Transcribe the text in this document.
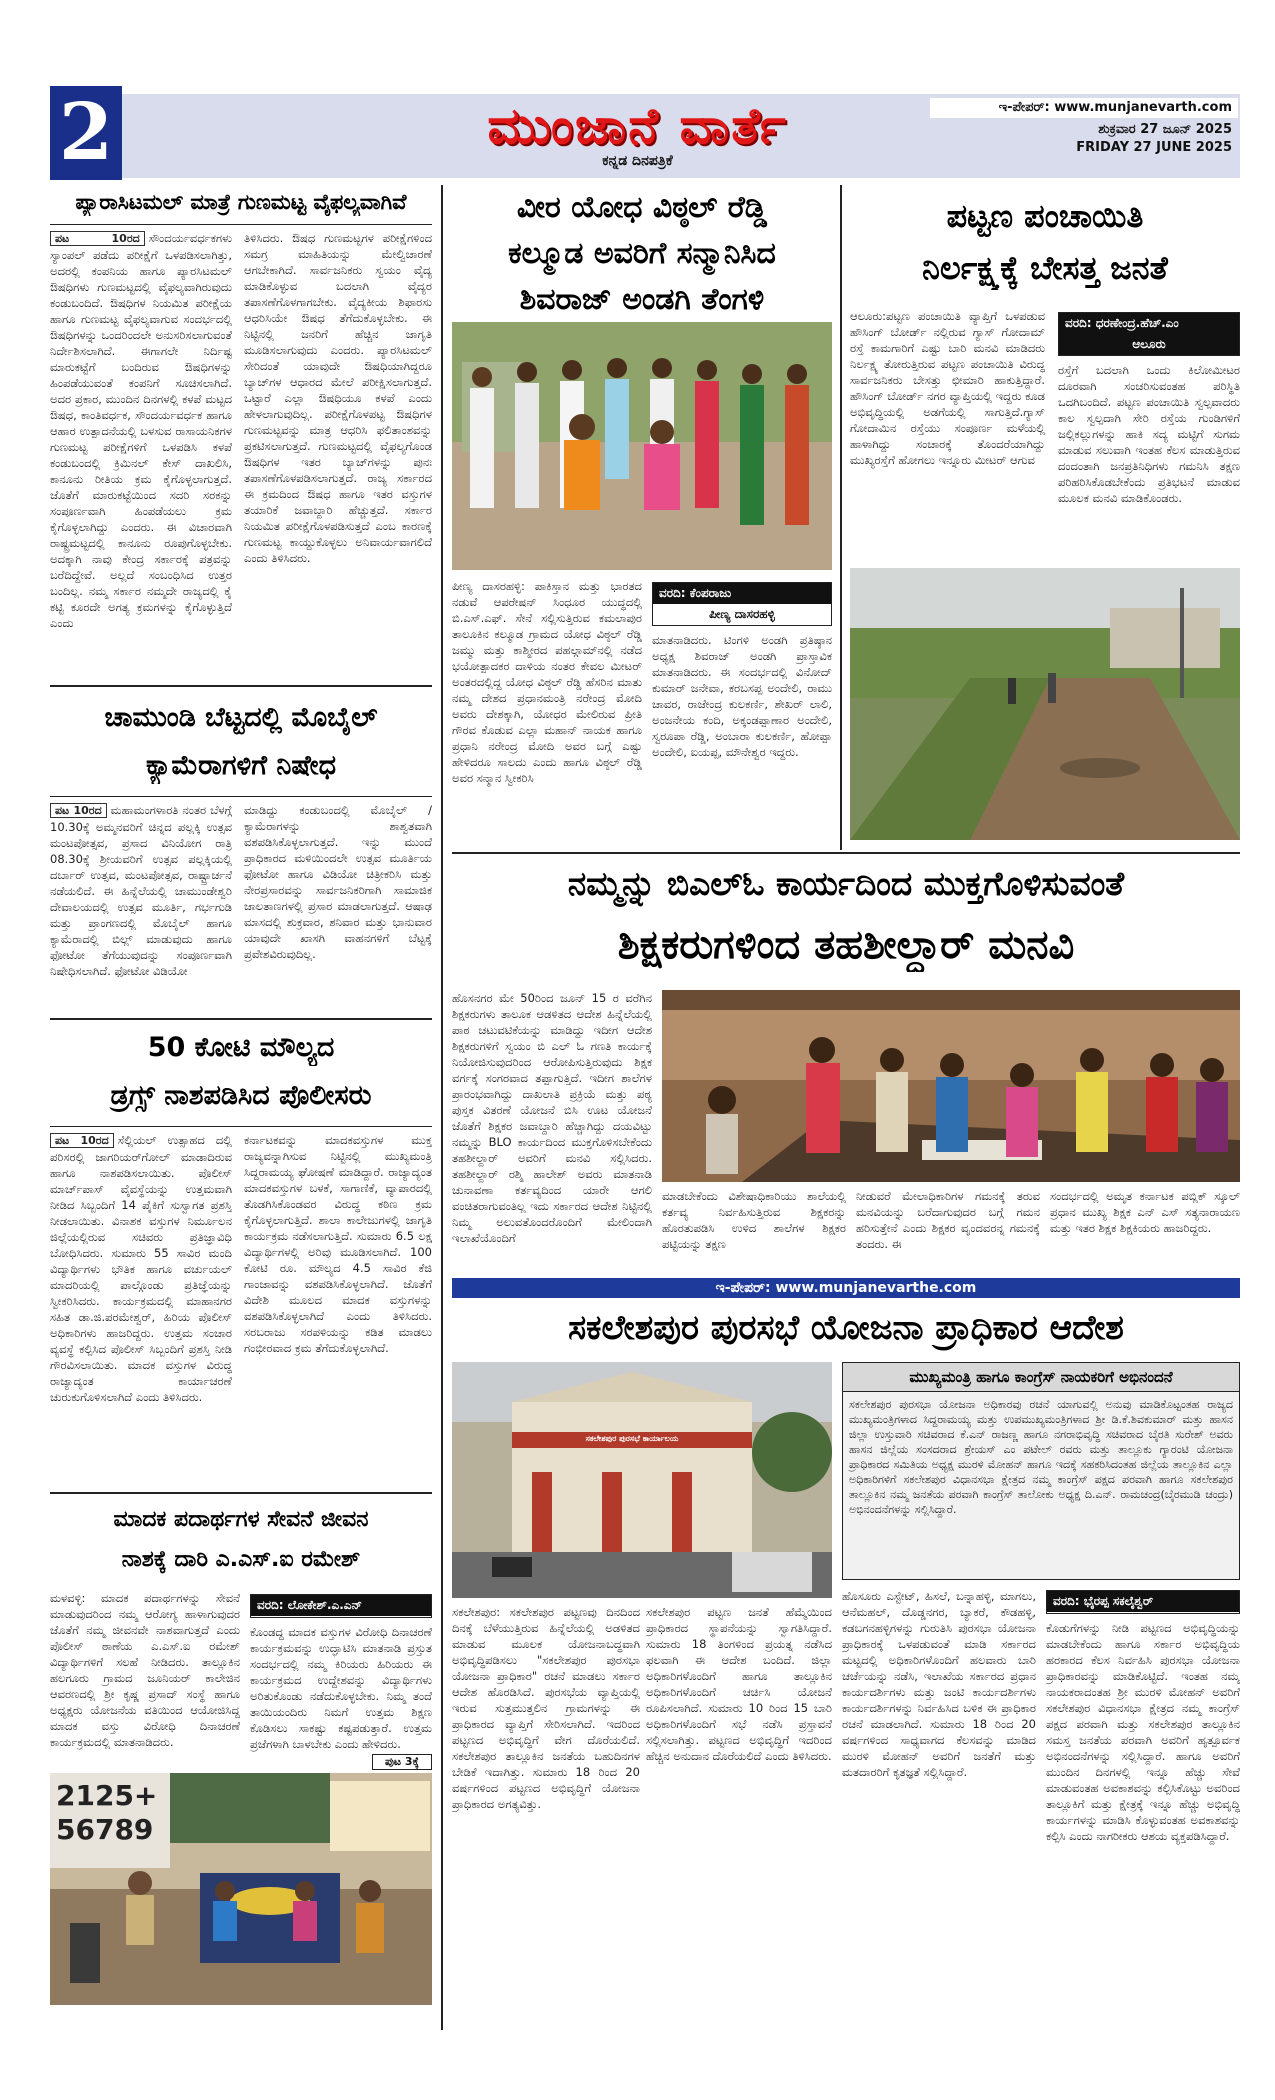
2	ಮುಂಜಾನೆ ವಾರ್ತೆ
ಕನ್ನಡ ದಿನಪತ್ರಿಕೆ
ಇ-ಪೇಪರ್: www.munjanevarth.com
ಶುಕ್ರವಾರ 27 ಜೂನ್ 2025
FRIDAY 27 JUNE 2025
ಪ್ಯಾರಾಸಿಟಮಲ್ ಮಾತ್ರೆ ಗುಣಮಟ್ಟ ವೈಫಲ್ಯವಾಗಿವೆ
ಪಟ 10ರದ ಸೌಂದರ್ಯವರ್ಧಕಗಳು ಸ್ಯಾಂಪಲ್ ಪಡೆದು ಪರೀಕ್ಷೆಗೆ ಒಳಪಡಿಸಲಾಗಿತ್ತು, ಅದರಲ್ಲಿ ಕಂಪನಿಯ ಹಾಗೂ ಪ್ಯಾರಸಿಟಮಲ್ ಔಷಧಿಗಳು ಗುಣಮಟ್ಟದಲ್ಲಿ ವೈಫಲ್ಯವಾಗಿರುವುದು ಕಂಡುಬಂದಿದೆ. ಔಷಧಿಗಳ ನಿಯಮಿತ ಪರೀಕ್ಷೆಯ ಹಾಗೂ ಗುಣಮಟ್ಟ ವೈಫಲ್ಯವಾಗುವ ಸಂದರ್ಭದಲ್ಲಿ ಔಷಧಿಗಳನ್ನು ಒಂದರಿಂದಲೇ ಅನುಸರಿಸಲಾಗುವಂತೆ ನಿರ್ದೇಶಿಸಲಾಗಿದೆ. ಈಗಾಗಲೇ ನಿರ್ದಿಷ್ಟ ಮಾರುಕಟ್ಟೆಗೆ ಬಂದಿರುವ ಔಷಧಿಗಳನ್ನು ಹಿಂಪಡೆಯುವಂತೆ ಕಂಪನಿಗೆ ಸೂಚಿಸಲಾಗಿದೆ. ಅದರ ಪ್ರಕಾರ, ಮುಂದಿನ ದಿನಗಳಲ್ಲಿ ಕಳಪೆ ಮಟ್ಟದ ಔಷಧ, ಕಾಂತಿವರ್ಧಕ, ಸೌಂದರ್ಯವರ್ಧಕ ಹಾಗೂ ಆಹಾರ ಉತ್ಪಾದನೆಯಲ್ಲಿ ಬಳಸುವ ರಾಸಾಯನಿಕಗಳ ಗುಣಮಟ್ಟ ಪರೀಕ್ಷೆಗಳಿಗೆ ಒಳಪಡಿಸಿ ಕಳಪೆ ಕಂಡುಬಂದಲ್ಲಿ ಕ್ರಿಮಿನಲ್ ಕೇಸ್ ದಾಖಲಿಸಿ, ಕಾನೂನು ರೀತಿಯ ಕ್ರಮ ಕೈಗೊಳ್ಳಲಾಗುತ್ತದೆ. ಜೊತೆಗೆ ಮಾರುಕಟ್ಟೆಯಿಂದ ಸದರಿ ಸರಕನ್ನು ಸಂಪೂರ್ಣವಾಗಿ ಹಿಂಪಡೆಯಲು ಕ್ರಮ ಕೈಗೊಳ್ಳಲಾಗಿದ್ದು ಎಂದರು. ಈ ವಿಚಾರವಾಗಿ ರಾಷ್ಟ್ರಮಟ್ಟದಲ್ಲಿ ಕಾನೂನು ರೂಪುಗೊಳ್ಳಬೇಕು. ಅದಕ್ಕಾಗಿ ನಾವು ಕೇಂದ್ರ ಸರ್ಕಾರಕ್ಕೆ ಪತ್ರವನ್ನು ಬರೆದಿದ್ದೇವೆ. ಅಲ್ಲದೆ ಸಂಬಂಧಿಸಿದ ಉತ್ತರ ಬಂದಿಲ್ಲ. ನಮ್ಮ ಸರ್ಕಾರ ನಮ್ಮದೇ ರಾಜ್ಯದಲ್ಲಿ ಕೈ ಕಟ್ಟಿ ಕೂರದೇ ಅಗತ್ಯ ಕ್ರಮಗಳನ್ನು ಕೈಗೊಳ್ಳುತ್ತಿದೆ ಎಂದು
ತಿಳಿಸಿದರು. ಔಷಧ ಗುಣಮಟ್ಟಗಳ ಪರೀಕ್ಷೆಗಳಿಂದ ಸಮಗ್ರ ಮಾಹಿತಿಯನ್ನು ಮೇಲ್ವಿಚಾರಣೆ ಆಗಬೇಕಾಗಿದೆ. ಸಾರ್ವಜನಿಕರು ಸ್ವಯಂ ವೈದ್ಯ ಮಾಡಿಕೊಳ್ಳುವ ಬದಲಾಗಿ ವೈದ್ಯರ ತಪಾಸಣೆಗೊಳಗಾಗಬೇಕು. ವೈದ್ಯಕೀಯ ಶಿಫಾರಸು ಆಧರಿಸಿಯೇ ಔಷಧ ತೆಗೆದುಕೊಳ್ಳಬೇಕು. ಈ ನಿಟ್ಟಿನಲ್ಲಿ ಜನರಿಗೆ ಹೆಚ್ಚಿನ ಜಾಗೃತಿ ಮೂಡಿಸಲಾಗುವುದು ಎಂದರು. ಪ್ಯಾರಸಿಟಮಲ್ ಸೇರಿದಂತೆ ಯಾವುದೇ ಔಷಧಿಯಾಗಿದ್ದರೂ ಬ್ಯಾಚ್‌ಗಳ ಆಧಾರದ ಮೇಲೆ ಪರೀಕ್ಷಿಸಲಾಗುತ್ತದೆ. ಒಟ್ಟಾರೆ ಎಲ್ಲಾ ಔಷಧಿಯೂ ಕಳಪೆ ಎಂದು ಹೇಳಲಾಗುವುದಿಲ್ಲ. ಪರೀಕ್ಷೆಗೊಳಪಟ್ಟ ಔಷಧಿಗಳ ಗುಣಮಟ್ಟವನ್ನು ಮಾತ್ರ ಆಧರಿಸಿ ಫಲಿತಾಂಶವನ್ನು ಪ್ರಕಟಿಸಲಾಗುತ್ತದೆ. ಗುಣಮಟ್ಟದಲ್ಲಿ ವೈಫಲ್ಯಗೊಂಡ ಔಷಧಿಗಳ ಇತರ ಬ್ಯಾಚ್‌ಗಳನ್ನು ಪುನಃ ತಪಾಸಣೆಗೊಳಪಡಿಸಲಾಗುತ್ತದೆ. ರಾಜ್ಯ ಸರ್ಕಾರದ ಈ ಕ್ರಮದಿಂದ ಔಷಧ ಹಾಗೂ ಇತರ ವಸ್ತುಗಳ ತಯಾರಿಕೆ ಜವಾಬ್ದಾರಿ ಹೆಚ್ಚುತ್ತದೆ. ಸರ್ಕಾರ ನಿಯಮಿತ ಪರೀಕ್ಷೆಗೊಳಪಡಿಸುತ್ತದೆ ಎಂಬ ಕಾರಣಕ್ಕೆ ಗುಣಮಟ್ಟ ಕಾಯ್ದುಕೊಳ್ಳಲು ಅನಿವಾರ್ಯವಾಗಲಿದೆ ಎಂದು ತಿಳಿಸಿದರು.
ಚಾಮುಂಡಿ ಬೆಟ್ಟದಲ್ಲಿ ಮೊಬೈಲ್
ಕ್ಯಾಮೆರಾಗಳಿಗೆ ನಿಷೇಧ
ಪಟ 10ರದ ಮಹಾಮಂಗಳಾರತಿ ನಂತರ ಬೆಳಗ್ಗೆ 10.30ಕ್ಕೆ ಅಮ್ಮನವರಿಗೆ ಚಿನ್ನದ ಪಲ್ಲಕ್ಕಿ ಉತ್ಸವ ಮಂಟಪೋತ್ಸವ, ಪ್ರಸಾದ ವಿನಿಯೋಗ ರಾತ್ರಿ 08.30ಕ್ಕೆ ಶ್ರೀಯವರಿಗೆ ಉತ್ಸವ ಪಲ್ಲಕ್ಕಿಯಲ್ಲಿ ದರ್ಬಾರ್ ಉತ್ಸವ, ಮಂಟಪೋತ್ಸವ, ರಾಷ್ಟ್ರಾರ್ಚನೆ ನಡೆಯಲಿದೆ. ಈ ಹಿನ್ನೆಲೆಯಲ್ಲಿ ಚಾಮುಂಡೇಶ್ವರಿ ದೇವಾಲಯದಲ್ಲಿ ಉತ್ಸವ ಮೂರ್ತಿ, ಗರ್ಭಗುಡಿ ಮತ್ತು ಪ್ರಾಂಗಣದಲ್ಲಿ ಮೊಬೈಲ್ ಹಾಗೂ ಕ್ಯಾಮೆರಾದಲ್ಲಿ ಬಿಲ್ಲ್ ಮಾಡುವುದು ಹಾಗೂ ಫೋಟೋ ತೆಗೆಯುವುದನ್ನು ಸಂಪೂರ್ಣವಾಗಿ ನಿಷೇಧಿಸಲಾಗಿದೆ. ಫೋಟೋ ವಿಡಿಯೋ
ಮಾಡಿದ್ದು ಕಂಡುಬಂದಲ್ಲಿ ಮೊಬೈಲ್ / ಕ್ಯಾಮೆರಾಗಳನ್ನು ಶಾಶ್ವತವಾಗಿ ವಶಪಡಿಸಿಕೊಳ್ಳಲಾಗುತ್ತದೆ. ಇನ್ನು ಮುಂದೆ ಪ್ರಾಧಿಕಾರದ ಮಳಿಯಿಂದಲೇ ಉತ್ಸವ ಮೂರ್ತಿಯ ಫೋಟೋ ಹಾಗೂ ವಿಡಿಯೋ ಚಿತ್ರೀಕರಿಸಿ ಮತ್ತು ನೇರಪ್ರಸಾರವನ್ನು ಸಾರ್ವಜನಿಕರಿಗಾಗಿ ಸಾಮಾಜಿಕ ಜಾಲತಾಣಗಳಲ್ಲಿ ಪ್ರಸಾರ ಮಾಡಲಾಗುತ್ತದೆ. ಆಷಾಢ ಮಾಸದಲ್ಲಿ ಶುಕ್ರವಾರ, ಶನಿವಾರ ಮತ್ತು ಭಾನುವಾರ ಯಾವುದೇ ಖಾಸಗಿ ವಾಹನಗಳಿಗೆ ಬೆಟ್ಟಕ್ಕೆ ಪ್ರವೇಶವಿರುವುದಿಲ್ಲ.
50 ಕೋಟಿ ಮೌಲ್ಯದ
ಡ್ರಗ್ಸ್ ನಾಶಪಡಿಸಿದ ಪೊಲೀಸರು
ಪಟ 10ರದ ಸೆಲ್ಲಿಯಲ್ ಉತ್ಸಾಹದ ದಲ್ಲಿ ಪರಿಸರಲ್ಲಿ ಜಾಗರಿಯರ್‌ಗೋಲ್ ಮಾಡಾದಿರುವ ಹಾಗೂ ನಾಶಪಡಿಸಲಾಯಿತು. ಪೊಲೀಸ್ ಮಾರ್ಚ್‌ಪಾಸ್ ವೈವಸ್ಥೆಯನ್ನು ಉತ್ತಮವಾಗಿ ನೀಡಿದ ಸಿಬ್ಬಂದಿಗೆ 14 ಪೈಕಿಗೆ ಸುಸ್ವಾಗತ ಪ್ರಶಸ್ತಿ ನೀಡಲಾಯಿತು. ವಿನಾಶಕ ವಸ್ತುಗಳ ನಿರ್ಮೂಲನ ಜಿಲ್ಲೆಯಲ್ಲಿರುವ ಸಚಿವರು ಪ್ರತಿಜ್ಞಾವಿಧಿ ಬೋಧಿಸಿದರು. ಸುಮಾರು 55 ಸಾವಿರ ಮಂದಿ ವಿದ್ಯಾರ್ಥಿಗಳು ಭೌತಿಕ ಹಾಗೂ ವರ್ಚುಯಲ್ ಮಾದರಿಯಲ್ಲಿ ಪಾಲ್ಗೊಂಡು ಪ್ರತಿಜ್ಞೆಯನ್ನು ಸ್ವೀಕರಿಸಿದರು. ಕಾರ್ಯಕ್ರಮದಲ್ಲಿ ಮಾಹಾನಗರ ಸಹಿತ ಡಾ.ಜಿ.ಪರಮೇಶ್ವರ್, ಹಿರಿಯ ಪೊಲೀಸ್ ಅಧಿಕಾರಿಗಳು ಹಾಜರಿದ್ದರು. ಉತ್ತಮ ಸಂಚಾರ ವ್ಯವಸ್ಥೆ ಕಲ್ಪಿಸಿದ ಪೊಲೀಸ್ ಸಿಬ್ಬಂದಿಗೆ ಪ್ರಶಸ್ತಿ ನೀಡಿ ಗೌರವಿಸಲಾಯಿತು. ಮಾದಕ ವಸ್ತುಗಳ ವಿರುದ್ಧ ರಾಜ್ಯಾದ್ಯಂತ ಕಾರ್ಯಾಚರಣೆ ಚುರುಕುಗೊಳಿಸಲಾಗಿದೆ ಎಂದು ತಿಳಿಸಿದರು.
ಕರ್ನಾಟಕವನ್ನು ಮಾದಕವಸ್ತುಗಳ ಮುಕ್ತ ರಾಜ್ಯವನ್ನಾಗಿಸುವ ನಿಟ್ಟಿನಲ್ಲಿ ಮುಖ್ಯಮಂತ್ರಿ ಸಿದ್ದರಾಮಯ್ಯ ಘೋಷಣೆ ಮಾಡಿದ್ದಾರೆ. ರಾಜ್ಯಾದ್ಯಂತ ಮಾದಕವಸ್ತುಗಳ ಬಳಕೆ, ಸಾಗಾಣಿಕೆ, ವ್ಯಾಪಾರದಲ್ಲಿ ತೊಡಗಿಸಿಕೊಂಡವರ ವಿರುದ್ಧ ಕಠಿಣ ಕ್ರಮ ಕೈಗೊಳ್ಳಲಾಗುತ್ತಿದೆ. ಶಾಲಾ ಕಾಲೇಜುಗಳಲ್ಲಿ ಜಾಗೃತಿ ಕಾರ್ಯಕ್ರಮ ನಡೆಸಲಾಗುತ್ತಿದೆ. ಸುಮಾರು 6.5 ಲಕ್ಷ ವಿದ್ಯಾರ್ಥಿಗಳಲ್ಲಿ ಅರಿವು ಮೂಡಿಸಲಾಗಿದೆ. 100 ಕೋಟಿ ರೂ. ಮೌಲ್ಯದ 4.5 ಸಾವಿರ ಕೆಜಿ ಗಾಂಜಾವನ್ನು ವಶಪಡಿಸಿಕೊಳ್ಳಲಾಗಿದೆ. ಜೊತೆಗೆ ವಿದೇಶಿ ಮೂಲದ ಮಾದಕ ವಸ್ತುಗಳನ್ನು ವಶಪಡಿಸಿಕೊಳ್ಳಲಾಗಿದೆ ಎಂದು ತಿಳಿಸಿದರು. ಸರಬರಾಜು ಸರಪಳಿಯನ್ನು ಕಡಿತ ಮಾಡಲು ಗಂಭೀರವಾದ ಕ್ರಮ ತೆಗೆದುಕೊಳ್ಳಲಾಗಿದೆ.
ಮಾದಕ ಪದಾರ್ಥಗಳ ಸೇವನೆ ಜೀವನ
ನಾಶಕ್ಕೆ ದಾರಿ ಎ.ಎಸ್.ಐ ರಮೇಶ್
ಮಳವಳ್ಳಿ: ಮಾದಕ ಪದಾರ್ಥಗಳನ್ನು ಸೇವನೆ ಮಾಡುವುದರಿಂದ ನಮ್ಮ ಆರೋಗ್ಯ ಹಾಳಾಗುವುದರ ಜೊತೆಗೆ ನಮ್ಮ ಜೀವನವೇ ನಾಶವಾಗುತ್ತದೆ ಎಂದು ಪೊಲೀಸ್ ಠಾಣೆಯ ಎ.ಎಸ್.ಐ ರಮೇಶ್ ವಿದ್ಯಾರ್ಥಿಗಳಿಗೆ ಸಲಹೆ ನೀಡಿದರು. ತಾಲ್ಲೂಕಿನ ಹಲಗೂರು ಗ್ರಾಮದ ಜೂನಿಯರ್ ಕಾಲೇಜಿನ ಆವರಣದಲ್ಲಿ ಶ್ರೀ ಕೃಷ್ಣ ಪ್ರಸಾದ್ ಸಂಸ್ಥೆ ಹಾಗೂ ಅಧ್ಯಕ್ಷರು ಯೋಜನೆಯ ವತಿಯಿಂದ ಆಯೋಜಿಸಿದ್ದ ಮಾದಕ ವಸ್ತು ವಿರೋಧಿ ದಿನಾಚರಣೆ ಕಾರ್ಯಕ್ರಮದಲ್ಲಿ ಮಾತನಾಡಿದರು.
ವರದಿ: ಲೋಕೇಶ್.ಎ.ಎನ್
ಕೊಂಡದ್ದ ಮಾದಕ ವಸ್ತುಗಳ ವಿರೋಧಿ ದಿನಾಚರಣೆ ಕಾರ್ಯಕ್ರಮವನ್ನು ಉದ್ಘಾಟಿಸಿ ಮಾತನಾಡಿ ಪ್ರಸ್ತುತ ಸಂದರ್ಭದಲ್ಲಿ ನಮ್ಮ ಕಿರಿಯರು ಹಿರಿಯರು ಈ ಕಾರ್ಯಕ್ರಮದ ಉದ್ದೇಶವನ್ನು ವಿದ್ಯಾರ್ಥಿಗಳು ಅರಿತುಕೊಂಡು ನಡೆದುಕೊಳ್ಳಬೇಕು. ನಿಮ್ಮ ತಂದೆ ತಾಯಿಯಂದಿರು ನಿಮಗೆ ಉತ್ತಮ ಶಿಕ್ಷಣ ಕೊಡಿಸಲು ಸಾಕಷ್ಟು ಕಷ್ಟಪಡುತ್ತಾರೆ. ಉತ್ತಮ ಪ್ರಜೆಗಳಾಗಿ ಬಾಳಬೇಕು ಎಂದು ಹೇಳಿದರು.
ಪುಟ 3ಕ್ಕೆ
2125+
56789
ವೀರ ಯೋಧ ವಿಠ್ಠಲ್ ರೆಡ್ಡಿ
ಕಲ್ಮೂಡ ಅವರಿಗೆ ಸನ್ಮಾನಿಸಿದ
ಶಿವರಾಜ್ ಅಂಡಗಿ ತೆಂಗಳಿ
ಪೀಣ್ಯ ದಾಸರಹಳ್ಳಿ: ಪಾಕಿಸ್ತಾನ ಮತ್ತು ಭಾರತದ ನಡುವೆ ಆಪರೇಷನ್ ಸಿಂಧೂರ ಯುದ್ಧದಲ್ಲಿ ಬಿ.ಎಸ್.ಎಫ್. ಸೇನೆ ಸಲ್ಲಿಸುತ್ತಿರುವ ಕಮಲಾಪುರ ತಾಲೂಕಿನ ಕಲ್ಮೂಡ ಗ್ರಾಮದ ಯೋಧ ವಿಠ್ಠಲ್ ರೆಡ್ಡಿ ಜಮ್ಮು ಮತ್ತು ಕಾಶ್ಮೀರದ ಪಹಲ್ಗಾಮ್‌ನಲ್ಲಿ ನಡೆದ ಭಯೋತ್ಪಾದಕರ ದಾಳಿಯ ನಂತರ ಕೇವಲ ಮೀಟರ್ ಅಂತರದಲ್ಲಿದ್ದ ಯೋಧ ವಿಠ್ಠಲ್ ರೆಡ್ಡಿ ಹೆಸರಿನ ಮಾತು ನಮ್ಮ ದೇಶದ ಪ್ರಧಾನಮಂತ್ರಿ ನರೇಂದ್ರ ಮೋದಿ ಅವರು ದೇಶಕ್ಕಾಗಿ, ಯೋಧರ ಮೇಲಿರುವ ಪ್ರೀತಿ ಗೌರವ ಕೊಡುವ ಎಲ್ಲಾ ಮಹಾನ್ ನಾಯಕ ಹಾಗೂ ಪ್ರಧಾನಿ ನರೇಂದ್ರ ಮೋದಿ ಅವರ ಬಗ್ಗೆ ಎಷ್ಟು ಹೇಳಿದರೂ ಸಾಲದು ಎಂದು ಹಾಗೂ ವಿಠ್ಠಲ್ ರೆಡ್ಡಿ ಅವರ ಸನ್ಮಾನ ಸ್ವೀಕರಿಸಿ
ವರದಿ: ಕೆಂಪರಾಜು
ಪೀಣ್ಯ ದಾಸರಹಳ್ಳಿ
ಮಾತನಾಡಿದರು. ಟಿಂಗಳಿ ಅಂಡಗಿ ಪ್ರತಿಷ್ಠಾನ ಅಧ್ಯಕ್ಷ ಶಿವರಾಜ್ ಅಂಡಗಿ ಪ್ರಾಸ್ತಾವಿಕ ಮಾತನಾಡಿದರು. ಈ ಸಂದರ್ಭದಲ್ಲಿ ವಿನೋದ್ ಕುಮಾರ್ ಜನೇವಾ, ಕರಬಸಪ್ಪ ಅಂದೇಲಿ, ರಾಮು ಚಾವರ, ರಾಜೇಂದ್ರ ಕುಲಕರ್ಣಿ, ಶೇಖರ್ ಲಾಲಿ, ಅಂಜನೇಯ ಕಂದಿ, ಅಕ್ಕಂಡಪ್ಪಾಣಾರ ಅಂದೇಲಿ, ಸ್ವರೂಪಾ ರೆಡ್ಡಿ, ಅಂಬಾರಾ ಕುಲಕರ್ಣಿ, ಹೋಪ್ಪಾ ಅಂದೇಲಿ, ಐಯಪ್ಪ, ಮೌನೇಶ್ವರ ಇದ್ದರು.
ಪಟ್ಟಣ ಪಂಚಾಯಿತಿ
ನಿರ್ಲಕ್ಷ್ಯಕ್ಕೆ ಬೇಸತ್ತ ಜನತೆ
ಆಲೂರು:ಪಟ್ಟಣ ಪಂಚಾಯಿತಿ ವ್ಯಾಪ್ತಿಗೆ ಒಳಪಡುವ ಹೌಸಿಂಗ್ ಬೋರ್ಡ್ ನಲ್ಲಿರುವ ಗ್ಯಾಸ್ ಗೋದಾಮ್ ರಸ್ತೆ ಕಾಮಗಾರಿಗೆ ಎಷ್ಟು ಬಾರಿ ಮನವಿ ಮಾಡಿದರು ನಿರ್ಲಕ್ಷ್ಯ ತೋರುತ್ತಿರುವ ಪಟ್ಟಣ ಪಂಚಾಯಿತಿ ವಿರುದ್ಧ ಸಾರ್ವಜನಿಕರು ಬೇಸತ್ತು ಛೀಮಾರಿ ಹಾಕುತ್ತಿದ್ದಾರೆ. ಹೌಸಿಂಗ್ ಬೋರ್ಡ್ ನಗರ ವ್ಯಾಪ್ತಿಯಲ್ಲಿ ಇದ್ದರು ಕೂಡ ಅಭಿವೃದ್ಧಿಯಲ್ಲಿ ಅಡಗೆಯಲ್ಲಿ ಸಾಗುತ್ತಿದೆ.ಗ್ಯಾಸ್ ಗೋದಾಮಿನ ರಸ್ತೆಯು ಸಂಪೂರ್ಣ ಮಳೆಯಲ್ಲಿ ಹಾಳಾಗಿದ್ದು ಸಂಚಾರಕ್ಕೆ ತೊಂದರೆಯಾಗಿದ್ದು ಮುಖ್ಯರಸ್ತೆಗೆ ಹೋಗಲು ಇನ್ನೂರು ಮೀಟರ್ ಆಗುವ
ವರದಿ: ಧರಣೇಂದ್ರ.ಹೆಚ್.ಎಂ
ಆಲೂರು
ರಸ್ತೆಗೆ ಬದಲಾಗಿ ಒಂದು ಕಿಲೋಮೀಟರ ದೂರವಾಗಿ ಸಂಚರಿಸುವಂತಹ ಪರಿಸ್ಥಿತಿ ಒದಗಿಬಂದಿದೆ. ಪಟ್ಟಣ ಪಂಚಾಯಿತಿ ಸ್ವಲ್ಪವಾದರು ಕಾಲ ಸ್ವಲ್ಪದಾಗಿ ಸೇರಿ ರಸ್ತೆಯ ಗುಂಡಿಗಳಿಗೆ ಜಲ್ಲಿಕಲ್ಲುಗಳನ್ನು ಹಾಕಿ ಸದ್ಯ ಮಟ್ಟಿಗೆ ಸುಗಮ ಮಾಡುವ ಸಲುವಾಗಿ ಇಂತಹ ಕೆಲಸ ಮಾಡುತ್ತಿರುವ ದಂದಂತಾಗಿ ಜನಪ್ರತಿನಿಧಿಗಳು ಗಮನಿಸಿ ತಕ್ಷಣ ಪರಿಹರಿಸಿಕೊಡಬೇಕೆಂದು ಪ್ರತಿಭಟನೆ ಮಾಡುವ ಮೂಲಕ ಮನವಿ ಮಾಡಿಕೊಂಡರು.
ನಮ್ಮನ್ನು ಬಿಎಲ್ಓ ಕಾರ್ಯದಿಂದ ಮುಕ್ತಗೊಳಿಸುವಂತೆ
ಶಿಕ್ಷಕರುಗಳಿಂದ ತಹಶೀಲ್ದಾರ್ ಮನವಿ
ಹೊಸನಗರ ಮೇ 50ರಿಂದ ಜೂನ್ 15 ರ ವರೆಗಿನ ಶಿಕ್ಷಕರುಗಳು ತಾಲೂಕ ಆಡಳಿತದ ಆದೇಶ ಹಿನ್ನೆಲೆಯಲ್ಲಿ ಪಾಠ ಚಟುವಟಿಕೆಯನ್ನು ಮಾಡಿದ್ದು ಇದೀಗ ಆದೇಶ ಶಿಕ್ಷಕರುಗಳಿಗೆ ಸ್ವಯಂ ಬಿ ಎಲ್ ಓ ಗಣತಿ ಕಾರ್ಯಕ್ಕೆ ನಿಯೋಜಿಸುವುದರಿಂದ ಆರೋಪಿಸುತ್ತಿರುವುದು ಶಿಕ್ಷಕ ವರ್ಗಕ್ಕೆ ಸಂಗರವಾದ ತಪ್ಪಾಗುತ್ತಿದೆ. ಇದೀಗ ಶಾಲೆಗಳ ಪ್ರಾರಂಭವಾಗಿದ್ದು ದಾಖಲಾತಿ ಪ್ರಕ್ರಿಯೆ ಮತ್ತು ಪಠ್ಯ ಪುಸ್ತಕ ವಿತರಣೆ ಯೋಜನೆ ಬಿಸಿ ಊಟ ಯೋಜನೆ ಜೊತೆಗೆ ಶಿಕ್ಷಕರ ಜವಾಬ್ದಾರಿ ಹೆಚ್ಚಾಗಿದ್ದು ದಯವಿಟ್ಟು ನಮ್ಮನ್ನು BLO ಕಾರ್ಯದಿಂದ ಮುಕ್ತಗೊಳಿಸಬೇಕೆಂದು ತಹಶೀಲ್ದಾರ್ ಅವರಿಗೆ ಮನವಿ ಸಲ್ಲಿಸಿದರು. ತಹಶೀಲ್ದಾರ್ ರಶ್ಮಿ ಹಾಲೇಶ್ ಅವರು ಮಾತನಾಡಿ ಚುನಾವಣಾ ಕರ್ತವ್ಯದಿಂದ ಯಾರೇ ಆಗಲಿ ವಂಚಿತರಾಗುವಂತಿಲ್ಲ ಇದು ಸರ್ಕಾರದ ಆದೇಶ ನಿಟ್ಟಿನಲ್ಲಿ ನಿಮ್ಮ ಅಲುವತೊಂದರೊಂದಿಗೆ ಮೇಲಿಂದಾಗಿ ಇಲಾಖೆಯೊಂದಿಗೆ
ಮಾಡಬೇಕೆಂದು ವಿಶೇಷಾಧಿಕಾರಿಯು ಶಾಲೆಯಲ್ಲಿ ಕರ್ತವ್ಯ ನಿರ್ವಹಿಸುತ್ತಿರುವ ಶಿಕ್ಷಕರನ್ನು ಹೊರತುಪಡಿಸಿ ಉಳಿದ ಶಾಲೆಗಳ ಶಿಕ್ಷಕರ ಪಟ್ಟಿಯನ್ನು ತಕ್ಷಣ
ನೀಡುವರೆ ಮೇಲಾಧಿಕಾರಿಗಳ ಗಮನಕ್ಕೆ ತರುವ ಮನವಿಯನ್ನು ಬರೆದಾಗುವುದರ ಬಗ್ಗೆ ಗಮನ ಹರಿಸುತ್ತೇನೆ ಎಂದು ಶಿಕ್ಷಕರ ವೃಂದವರನ್ನ ಗಮನಕ್ಕೆ ತಂದರು. ಈ
ಸಂದರ್ಭದಲ್ಲಿ ಅಮೃತ ಕರ್ನಾಟಕ ಪಬ್ಲಿಕ್ ಸ್ಕೂಲ್ ಪ್ರಧಾನ ಮುಖ್ಯ ಶಿಕ್ಷಕ ಎನ್ ಎಸ್ ಸತ್ಯನಾರಾಯಣ ಮತ್ತು ಇತರ ಶಿಕ್ಷಕ ಶಿಕ್ಷಕಿಯರು ಹಾಜರಿದ್ದರು.
ಇ-ಪೇಪರ್: www.munjanevarthe.com
ಸಕಲೇಶಪುರ ಪುರಸಭೆ ಯೋಜನಾ ಪ್ರಾಧಿಕಾರ ಆದೇಶ
ಸಕಲೇಶಪುರ ಪುರಸಭೆ ಕಾರ್ಯಾಲಯ
ಸಕಲೇಶಪುರ: ಸಕಲೇಶಪುರ ಪಟ್ಟಣವು ದಿನದಿಂದ ದಿನಕ್ಕೆ ಬೆಳೆಯುತ್ತಿರುವ ಹಿನ್ನೆಲೆಯಲ್ಲಿ ಅಡಳಿತದ ಮಾಡುವ ಮೂಲಕ ಯೋಜನಾಬದ್ಧವಾಗಿ ಅಭಿವೃದ್ಧಿಪಡಿಸಲು "ಸಕಲೇಶಪುರ ಪುರಸಭಾ ಯೋಜನಾ ಪ್ರಾಧಿಕಾರ" ರಚನೆ ಮಾಡಲು ಸರ್ಕಾರ ಆದೇಶ ಹೊರಡಿಸಿದೆ. ಪುರಸಭೆಯ ವ್ಯಾಪ್ತಿಯಲ್ಲಿ ಇರುವ ಸುತ್ತಮುತ್ತಲಿನ ಗ್ರಾಮಗಳನ್ನು ಈ ಪ್ರಾಧಿಕಾರದ ವ್ಯಾಪ್ತಿಗೆ ಸೇರಿಸಲಾಗಿದೆ. ಇದರಿಂದ ಪಟ್ಟಣದ ಅಭಿವೃದ್ಧಿಗೆ ವೇಗ ದೊರೆಯಲಿದೆ. ಸಕಲೇಶಪುರ ತಾಲ್ಲೂಕಿನ ಜನತೆಯ ಬಹುದಿನಗಳ ಬೇಡಿಕೆ ಇದಾಗಿತ್ತು. ಸುಮಾರು 18 ರಿಂದ 20 ವರ್ಷಗಳಿಂದ ಪಟ್ಟಣದ ಅಭಿವೃದ್ಧಿಗೆ ಯೋಜನಾ ಪ್ರಾಧಿಕಾರದ ಅಗತ್ಯವಿತ್ತು.
ಸಕಲೇಶಪುರ ಪಟ್ಟಣ ಜನತೆ ಹೆಮ್ಮೆಯಿಂದ ಪ್ರಾಧಿಕಾರದ ಸ್ಥಾಪನೆಯನ್ನು ಸ್ವಾಗತಿಸಿದ್ದಾರೆ. ಸುಮಾರು 18 ತಿಂಗಳಿಂದ ಪ್ರಯತ್ನ ನಡೆಸಿದ ಫಲವಾಗಿ ಈ ಆದೇಶ ಬಂದಿದೆ. ಜಿಲ್ಲಾ ಅಧಿಕಾರಿಗಳೊಂದಿಗೆ ಹಾಗೂ ತಾಲ್ಲೂಕಿನ ಅಧಿಕಾರಿಗಳೊಂದಿಗೆ ಚರ್ಚಿಸಿ ಯೋಜನೆ ರೂಪಿಸಲಾಗಿದೆ. ಸುಮಾರು 10 ರಿಂದ 15 ಬಾರಿ ಅಧಿಕಾರಿಗಳೊಂದಿಗೆ ಸಭೆ ನಡೆಸಿ ಪ್ರಸ್ತಾವನೆ ಸಲ್ಲಿಸಲಾಗಿತ್ತು. ಪಟ್ಟಣದ ಅಭಿವೃದ್ಧಿಗೆ ಇದರಿಂದ ಹೆಚ್ಚಿನ ಅನುದಾನ ದೊರೆಯಲಿದೆ ಎಂದು ತಿಳಿಸಿದರು.
ಮುಖ್ಯಮಂತ್ರಿ ಹಾಗೂ ಕಾಂಗ್ರೆಸ್ ನಾಯಕರಿಗೆ ಅಭಿನಂದನೆ
ಸಕಲೇಶಪುರ ಪುರಸಭಾ ಯೋಜನಾ ಅಧಿಕಾರವು ರಚನೆ ಯಾಗುವಲ್ಲಿ ಅನುವು ಮಾಡಿಕೊಟ್ಟಂತಹ ರಾಜ್ಯದ ಮುಖ್ಯಮಂತ್ರಿಗಳಾದ ಸಿದ್ದರಾಮಯ್ಯ ಮತ್ತು ಉಪಮುಖ್ಯಮಂತ್ರಿಗಳಾದ ಶ್ರೀ ಡಿ.ಕೆ.ಶಿವಕುಮಾರ್ ಮತ್ತು ಹಾಸನ ಜಿಲ್ಲಾ ಉಸ್ತುವಾರಿ ಸಚಿವರಾದ ಕೆ.ಎನ್ ರಾಜಣ್ಣ ಹಾಗೂ ನಗರಾಭಿವೃದ್ಧಿ ಸಚಿವರಾದ ಬೈರತಿ ಸುರೇಶ್ ಅವರು ಹಾಸನ ಜಿಲ್ಲೆಯ ಸಂಸದರಾದ ಶ್ರೇಯಸ್ ಎಂ ಪಟೇಲ್ ರವರು ಮತ್ತು ತಾಲ್ಲೂಕು ಗ್ಯಾರಂಟಿ ಯೋಜನಾ ಪ್ರಾಧಿಕಾರದ ಸಮಿತಿಯ ಅಧ್ಯಕ್ಷ ಮುರಳಿ ಮೋಹನ್ ಹಾಗೂ ಇದಕ್ಕೆ ಸಹಕರಿಸಿದಂತಹ ಜಿಲ್ಲೆಯ ತಾಲ್ಲೂಕಿನ ಎಲ್ಲಾ ಅಧಿಕಾರಿಗಳಿಗೆ ಸಕಲೇಶಪುರ ವಿಧಾನಸಭಾ ಕ್ಷೇತ್ರದ ನಮ್ಮ ಕಾಂಗ್ರೆಸ್ ಪಕ್ಷದ ಪರವಾಗಿ ಹಾಗೂ ಸಕಲೇಶಪುರ ತಾಲ್ಲೂಕಿನ ನಮ್ಮ ಜನತೆಯ ಪರವಾಗಿ ಕಾಂಗ್ರೆಸ್ ತಾಲೋಕು ಅಧ್ಯಕ್ಷ ದಿ.ಎನ್. ರಾಮಚಂದ್ರ(ಬೈರಮುಡಿ ಚಂದ್ರು) ಅಭಿನಂದನೆಗಳನ್ನು ಸಲ್ಲಿಸಿದ್ದಾರೆ.
ಹೊಸೂರು ಎಸ್ಟೇಟ್, ಹಿಸಲೆ, ಬನ್ನಾಹಳ್ಳಿ, ಮಾಗಲು, ಆನೆಮಹಲ್, ದೊಡ್ಡನಗರ, ಬ್ಯಾಕರೆ, ಕೌಡಹಳ್ಳಿ, ಕಡಬಗನಹಳ್ಳಿಗಳನ್ನು ಗುರುತಿಸಿ ಪುರಸಭಾ ಯೋಜನಾ ಪ್ರಾಧಿಕಾರಕ್ಕೆ ಒಳಪಡುವಂತೆ ಮಾಡಿ ಸರ್ಕಾರದ ಮಟ್ಟದಲ್ಲಿ ಅಧಿಕಾರಿಗಳೊಂದಿಗೆ ಹಲವಾರು ಬಾರಿ ಚರ್ಚೆಯನ್ನು ನಡೆಸಿ, ಇಲಾಖೆಯ ಸರ್ಕಾರದ ಪ್ರಧಾನ ಕಾರ್ಯದರ್ಶಿಗಳು ಮತ್ತು ಜಂಟಿ ಕಾರ್ಯದರ್ಶಿಗಳು ಕಾರ್ಯದರ್ಶಿಗಳನ್ನು ನಿರ್ವಹಿಸಿದ ಬಳಿಕ ಈ ಪ್ರಾಧಿಕಾರ ರಚನೆ ಮಾಡಲಾಗಿದೆ. ಸುಮಾರು 18 ರಿಂದ 20 ವರ್ಷಗಳಿಂದ ಸಾಧ್ಯವಾಗದ ಕೆಲಸವನ್ನು ಮಾಡಿದ ಮುರಳಿ ಮೋಹನ್ ಅವರಿಗೆ ಜನತೆಗೆ ಮತ್ತು ಮತದಾರರಿಗೆ ಕೃತಜ್ಞತೆ ಸಲ್ಲಿಸಿದ್ದಾರೆ.
ವರದಿ: ಭೈರಪ್ಪ ಸಕಲೈಶ್ವರ್
ಕೊಡುಗೆಗಳನ್ನು ನೀಡಿ ಪಟ್ಟಣದ ಅಭಿವೃದ್ಧಿಯನ್ನು ಮಾಡಬೇಕೆಂದು ಹಾಗೂ ಸರ್ಕಾರ ಅಭಿವೃದ್ಧಿಯ ಹರಕಾರದ ಕೆಲಸ ನಿರ್ವಹಿಸಿ ಪುರಸಭಾ ಯೋಜನಾ ಪ್ರಾಧಿಕಾರವನ್ನು ಮಾಡಿಕೊಟ್ಟಿದೆ. ಇಂತಹ ನಮ್ಮ ನಾಯಕರಾದಂತಹ ಶ್ರೀ ಮುರಳಿ ಮೋಹನ್ ಅವರಿಗೆ ಸಕಲೇಶಪುರ ವಿಧಾನಸಭಾ ಕ್ಷೇತ್ರದ ನಮ್ಮ ಕಾಂಗ್ರೆಸ್ ಪಕ್ಷದ ಪರವಾಗಿ ಮತ್ತು ಸಕಲೇಶಪುರ ತಾಲ್ಲೂಕಿನ ಸಮಸ್ತ ಜನತೆಯ ಪರವಾಗಿ ಅವರಿಗೆ ಹೃತ್ಪೂರ್ವಕ ಅಭಿನಂದನೆಗಳನ್ನು ಸಲ್ಲಿಸಿದ್ದಾರೆ. ಹಾಗೂ ಅವರಿಗೆ ಮುಂದಿನ ದಿನಗಳಲ್ಲಿ ಇನ್ನೂ ಹೆಚ್ಚು ಸೇವೆ ಮಾಡುವಂತಹ ಅವಕಾಶವನ್ನು ಕಲ್ಪಿಸಿಕೊಟ್ಟು ಅವರಿಂದ ತಾಲ್ಲೂಕಿಗೆ ಮತ್ತು ಕ್ಷೇತ್ರಕ್ಕೆ ಇನ್ನೂ ಹೆಚ್ಚು ಅಭಿವೃದ್ಧಿ ಕಾರ್ಯಗಳನ್ನು ಮಾಡಿಸಿ ಕೊಳ್ಳುವಂತಹ ಅವಕಾಶವನ್ನು ಕಲ್ಪಿಸಿ ಎಂದು ನಾಗರೀಕರು ಆಶಯ ವ್ಯಕ್ತಪಡಿಸಿದ್ದಾರೆ.
